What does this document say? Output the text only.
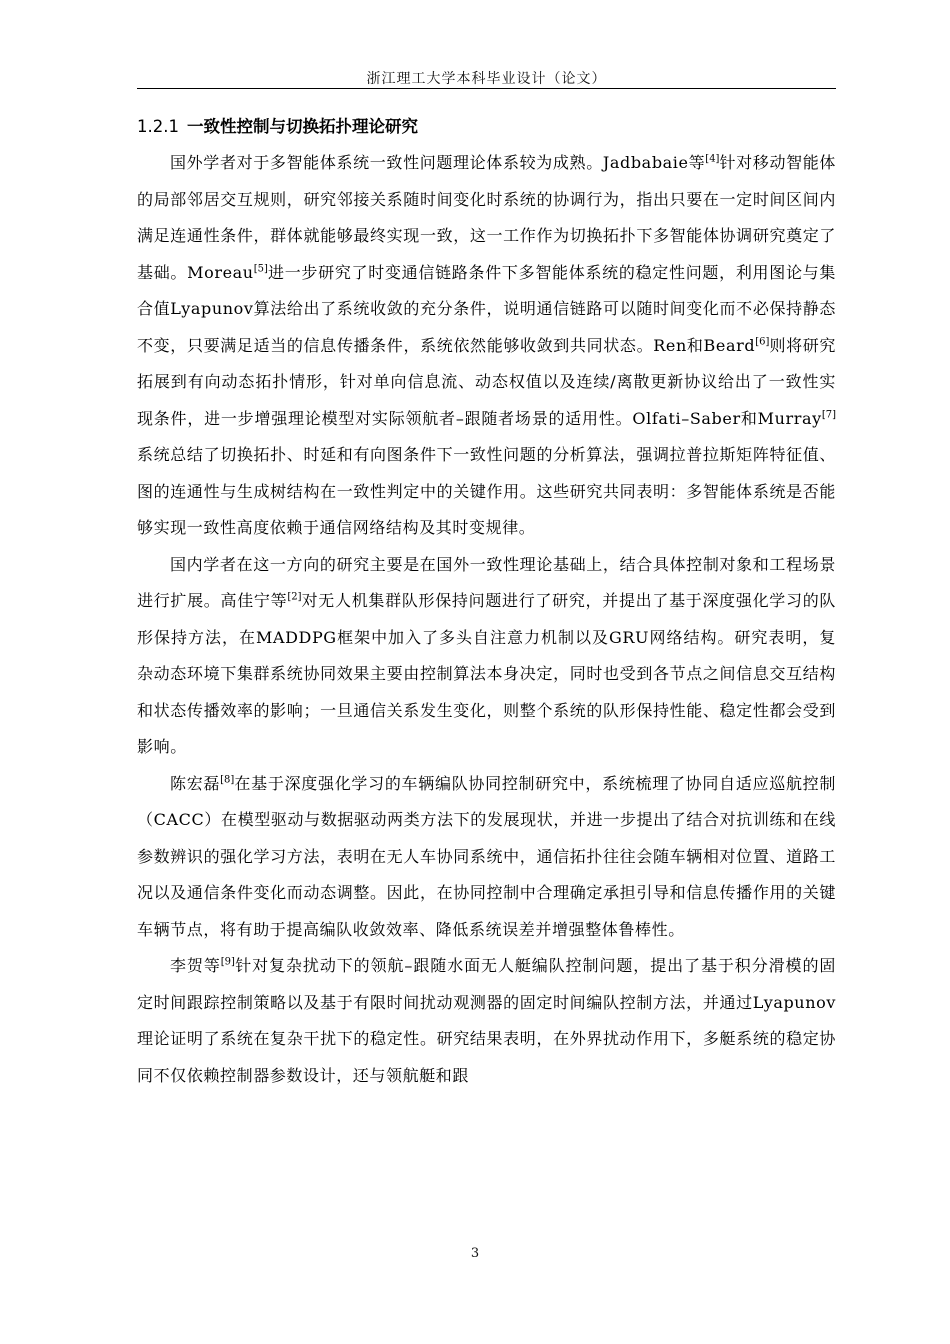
浙江理工大学本科毕业设计（论文）
1.2.1 一致性控制与切换拓扑理论研究

国外学者对于多智能体系统一致性问题理论体系较为成熟。Jadbabaie等[4]针对移动智能体的局部邻居交互规则，研究邻接关系随时间变化时系统的协调行为，指出只要在一定时间区间内满足连通性条件，群体就能够最终实现一致，这一工作作为切换拓扑下多智能体协调研究奠定了基础。Moreau[5]进一步研究了时变通信链路条件下多智能体系统的稳定性问题，利用图论与集合值Lyapunov算法给出了系统收敛的充分条件，说明通信链路可以随时间变化而不必保持静态不变，只要满足适当的信息传播条件，系统依然能够收敛到共同状态。Ren和Beard[6]则将研究拓展到有向动态拓扑情形，针对单向信息流、动态权值以及连续/离散更新协议给出了一致性实现条件，进一步增强理论模型对实际领航者–跟随者场景的适用性。Olfati–Saber和Murray[7]系统总结了切换拓扑、时延和有向图条件下一致性问题的分析算法，强调拉普拉斯矩阵特征值、图的连通性与生成树结构在一致性判定中的关键作用。这些研究共同表明：多智能体系统是否能够实现一致性高度依赖于通信网络结构及其时变规律。

国内学者在这一方向的研究主要是在国外一致性理论基础上，结合具体控制对象和工程场景进行扩展。高佳宁等[2]对无人机集群队形保持问题进行了研究，并提出了基于深度强化学习的队形保持方法，在MADDPG框架中加入了多头自注意力机制以及GRU网络结构。研究表明，复杂动态环境下集群系统协同效果主要由控制算法本身决定，同时也受到各节点之间信息交互结构和状态传播效率的影响；一旦通信关系发生变化，则整个系统的队形保持性能、稳定性都会受到影响。

陈宏磊[8]在基于深度强化学习的车辆编队协同控制研究中，系统梳理了协同自适应巡航控制（CACC）在模型驱动与数据驱动两类方法下的发展现状，并进一步提出了结合对抗训练和在线参数辨识的强化学习方法，表明在无人车协同系统中，通信拓扑往往会随车辆相对位置、道路工况以及通信条件变化而动态调整。因此，在协同控制中合理确定承担引导和信息传播作用的关键车辆节点，将有助于提高编队收敛效率、降低系统误差并增强整体鲁棒性。

李贺等[9]针对复杂扰动下的领航–跟随水面无人艇编队控制问题，提出了基于积分滑模的固定时间跟踪控制策略以及基于有限时间扰动观测器的固定时间编队控制方法，并通过Lyapunov理论证明了系统在复杂干扰下的稳定性。研究结果表明，在外界扰动作用下，多艇系统的稳定协同不仅依赖控制器参数设计，还与领航艇和跟

3
